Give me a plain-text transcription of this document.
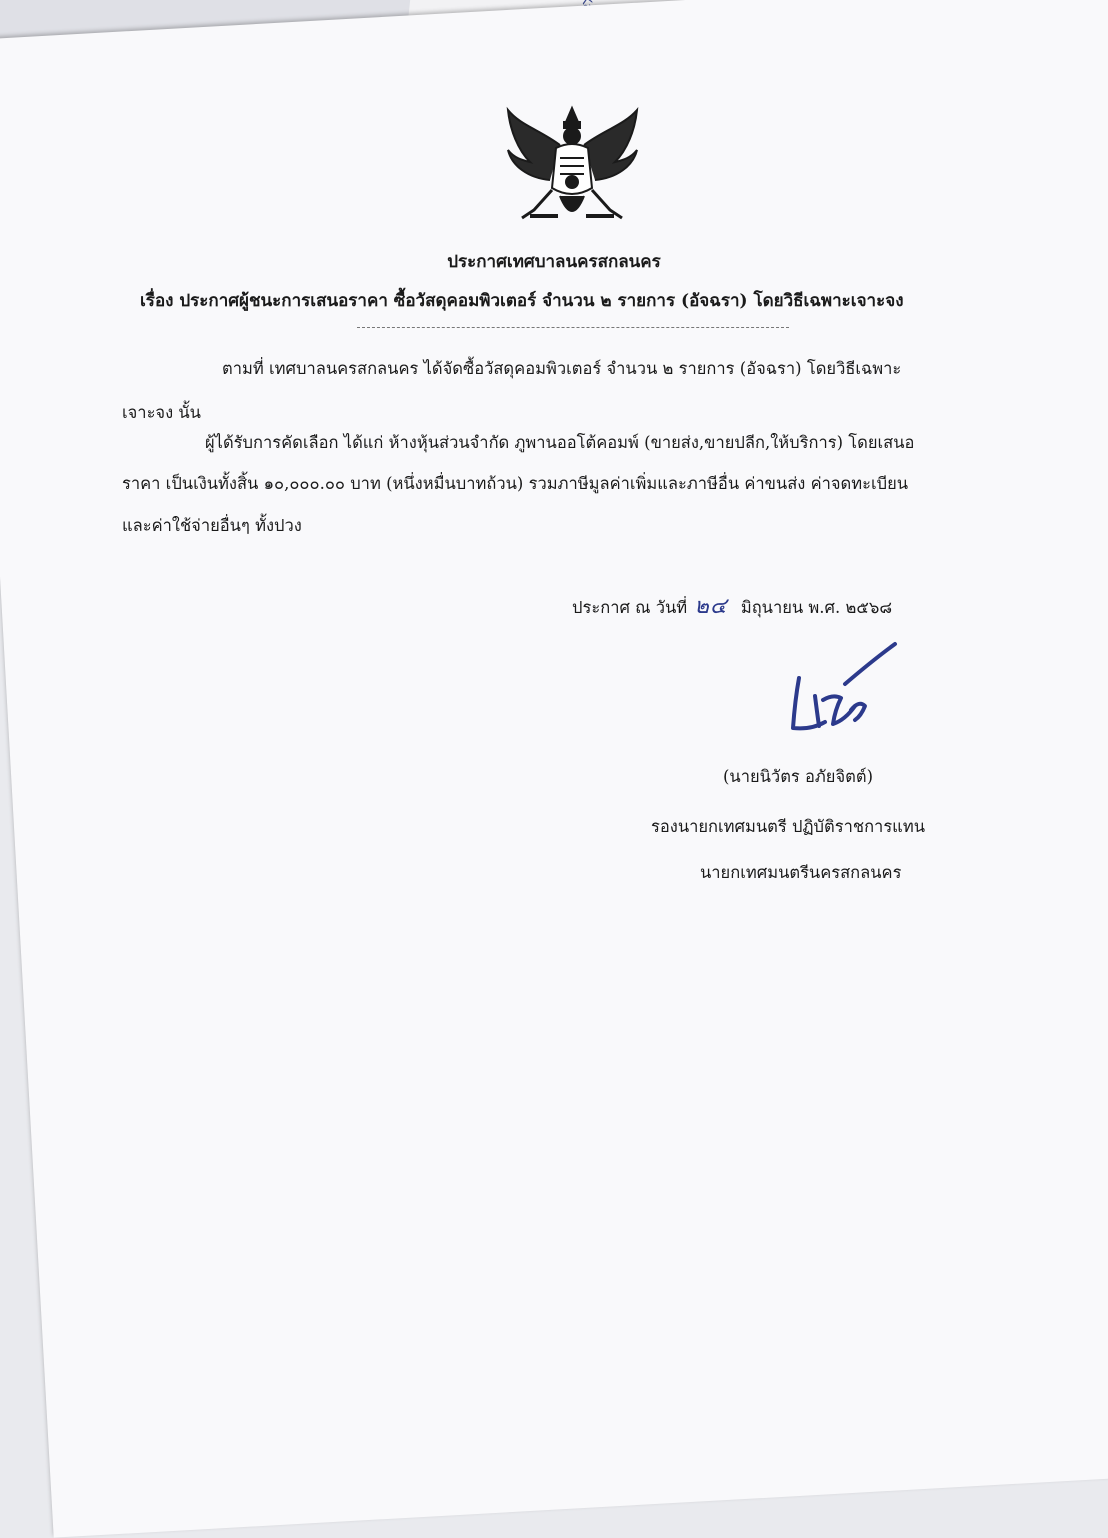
ประกาศเทศบาลนครสกลนคร
เรื่อง ประกาศผู้ชนะการเสนอราคา ซื้อวัสดุคอมพิวเตอร์ จำนวน ๒ รายการ (อัจฉรา) โดยวิธีเฉพาะเจาะจง
ตามที่ เทศบาลนครสกลนคร ได้จัดซื้อวัสดุคอมพิวเตอร์ จำนวน ๒ รายการ (อัจฉรา) โดยวิธีเฉพาะ
เจาะจง นั้น
ผู้ได้รับการคัดเลือก ได้แก่ ห้างหุ้นส่วนจำกัด ภูพานออโต้คอมพ์ (ขายส่ง,ขายปลีก,ให้บริการ) โดยเสนอ
ราคา เป็นเงินทั้งสิ้น ๑๐,๐๐๐.๐๐ บาท (หนึ่งหมื่นบาทถ้วน) รวมภาษีมูลค่าเพิ่มและภาษีอื่น ค่าขนส่ง ค่าจดทะเบียน
และค่าใช้จ่ายอื่นๆ ทั้งปวง
ประกาศ ณ วันที่ ๒๔ มิถุนายน พ.ศ. ๒๕๖๘
(นายนิวัตร อภัยจิตต์)
รองนายกเทศมนตรี ปฏิบัติราชการแทน
นายกเทศมนตรีนครสกลนคร
